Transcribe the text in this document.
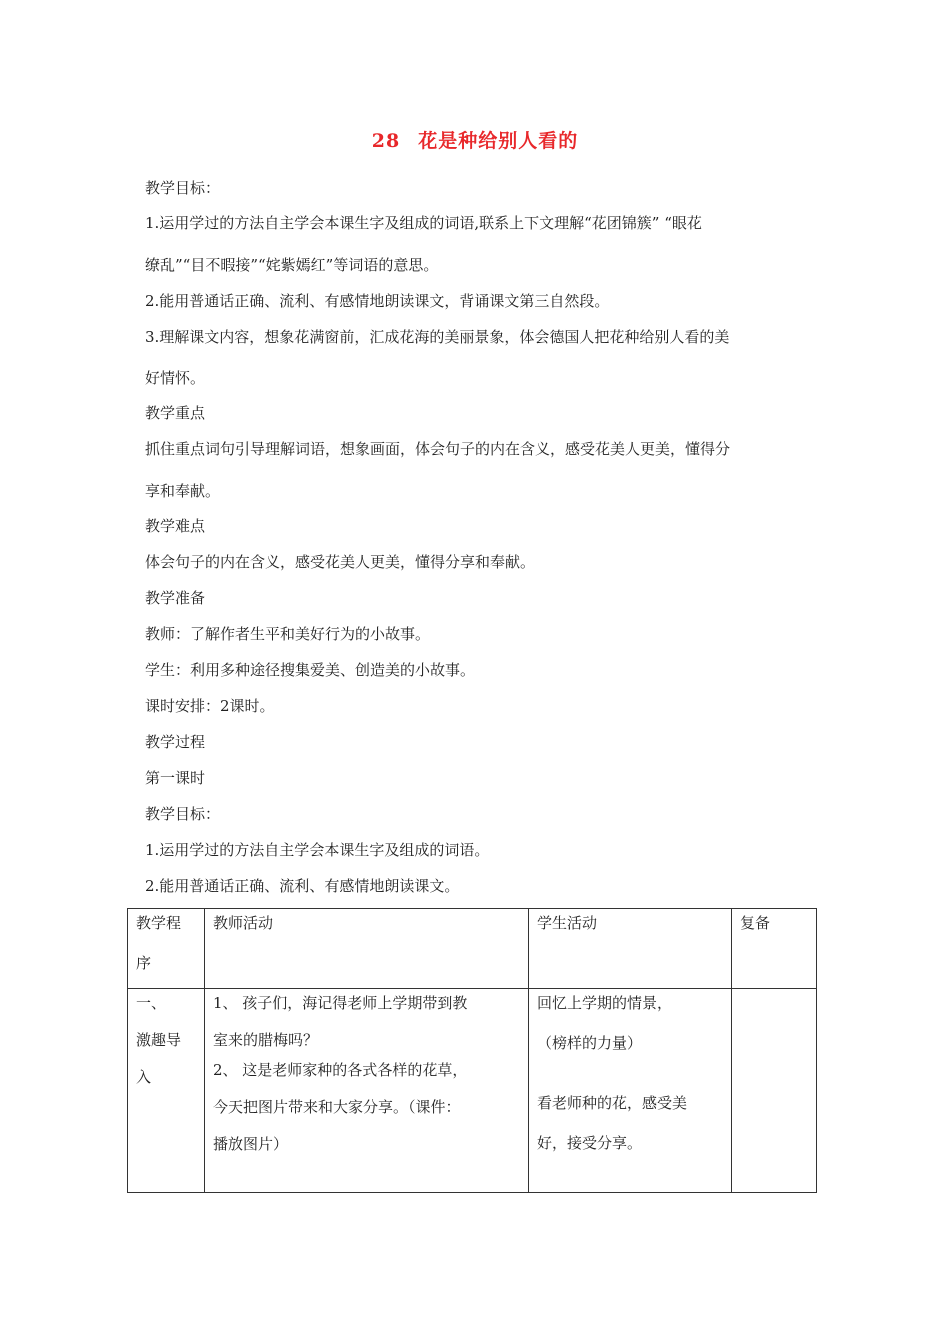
28 花是种给别人看的
教学目标：
1.运用学过的方法自主学会本课生字及组成的词语,联系上下文理解“花团锦簇” “眼花
缭乱”“目不暇接”“姹紫嫣红”等词语的意思。
2.能用普通话正确、流利、有感情地朗读课文，背诵课文第三自然段。
3.理解课文内容，想象花满窗前，汇成花海的美丽景象，体会德国人把花种给别人看的美
好情怀。
教学重点
抓住重点词句引导理解词语，想象画面，体会句子的内在含义，感受花美人更美，懂得分
享和奉献。
教学难点
体会句子的内在含义，感受花美人更美，懂得分享和奉献。
教学准备
教师：了解作者生平和美好行为的小故事。
学生：利用多种途径搜集爱美、创造美的小故事。
课时安排：2课时。
教学过程
第一课时
教学目标：
1.运用学过的方法自主学会本课生字及组成的词语。
2.能用普通话正确、流利、有感情地朗读课文。
教学程
序	教师活动	学生活动	复备

一、
激趣导
入	1、 孩子们，海记得老师上学期带到教
室来的腊梅吗？
2、 这是老师家种的各式各样的花草，
今天把图片带来和大家分享。（课件：
播放图片）	回忆上学期的情景，
（榜样的力量）
看老师种的花，感受美
好，接受分享。	
